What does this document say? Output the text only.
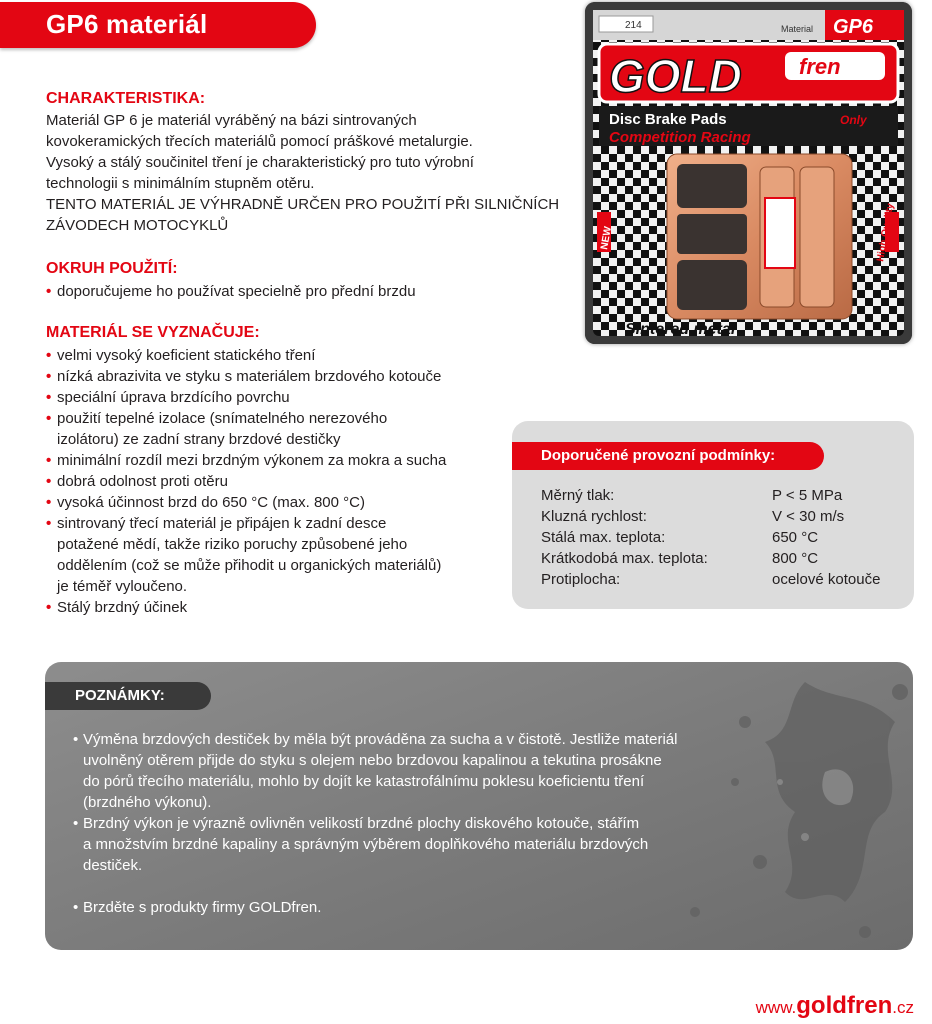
GP6 materiál	GP6
Material
214
GOLD	fren
Disc Brake Pads
Competition Racing
Only
Sintered metal
High Quality
NEW
CHARAKTERISTIKA:
Materiál GP 6 je materiál vyráběný na bázi sintrovaných
kovokeramických třecích materiálů pomocí práškové metalurgie.
Vysoký a stálý součinitel tření je charakteristický pro tuto výrobní
technologii s minimálním stupněm otěru.
TENTO MATERIÁL JE VÝHRADNĚ URČEN PRO POUŽITÍ PŘI SILNIČNÍCH
ZÁVODECH MOTOCYKLŮ
OKRUH POUŽITÍ:
• doporučujeme ho používat specielně pro přední brzdu
MATERIÁL SE VYZNAČUJE:
• velmi vysoký koeficient statického tření
• nízká abrazivita ve styku s materiálem brzdového kotouče
• speciální úprava brzdícího povrchu
• použití tepelné izolace (snímatelného nerezového
izolátoru) ze zadní strany brzdové destičky
• minimální rozdíl mezi brzdným výkonem za mokra a sucha
• dobrá odolnost proti otěru
• vysoká účinnost brzd do 650 °C (max. 800 °C)
• sintrovaný třecí materiál je připájen k zadní desce
potažené mědí, takže riziko poruchy způsobené jeho
oddělením (což se může přihodit u organických materiálů)
je téměř vyloučeno.
• Stálý brzdný účinek
Doporučené provozní podmínky:
Měrný tlak:	P < 5 MPa
Kluzná rychlost:	V < 30 m/s
Stálá max. teplota:	650 °C
Krátkodobá max. teplota:	800 °C
Protiplocha:	ocelové kotouče
POZNÁMKY:
• Výměna brzdových destiček by měla být prováděna za sucha a v čistotě. Jestliže materiál
uvolněný otěrem přijde do styku s olejem nebo brzdovou kapalinou a tekutina prosákne
do pórů třecího materiálu, mohlo by dojít ke katastrofálnímu poklesu koeficientu tření
(brzdného výkonu).
• Brzdný výkon je výrazně ovlivněn velikostí brzdné plochy diskového kotouče, stářím
a množstvím brzdné kapaliny a správným výběrem doplňkového materiálu brzdových
destiček.
• Brzděte s produkty firmy GOLDfren.
www.goldfren.cz
